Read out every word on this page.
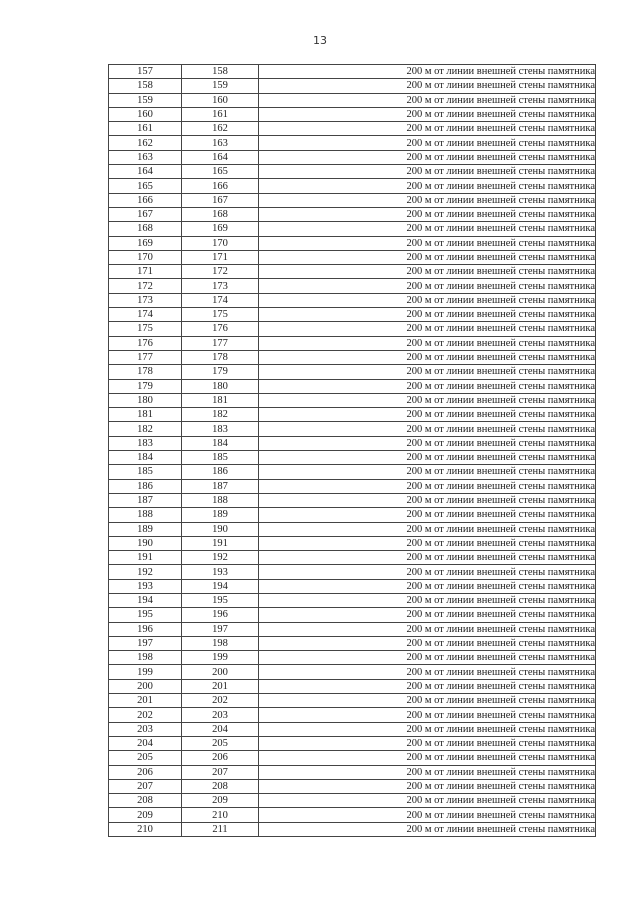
13
157	158	200 м от линии внешней стены памятника
158	159	200 м от линии внешней стены памятника
159	160	200 м от линии внешней стены памятника
160	161	200 м от линии внешней стены памятника
161	162	200 м от линии внешней стены памятника
162	163	200 м от линии внешней стены памятника
163	164	200 м от линии внешней стены памятника
164	165	200 м от линии внешней стены памятника
165	166	200 м от линии внешней стены памятника
166	167	200 м от линии внешней стены памятника
167	168	200 м от линии внешней стены памятника
168	169	200 м от линии внешней стены памятника
169	170	200 м от линии внешней стены памятника
170	171	200 м от линии внешней стены памятника
171	172	200 м от линии внешней стены памятника
172	173	200 м от линии внешней стены памятника
173	174	200 м от линии внешней стены памятника
174	175	200 м от линии внешней стены памятника
175	176	200 м от линии внешней стены памятника
176	177	200 м от линии внешней стены памятника
177	178	200 м от линии внешней стены памятника
178	179	200 м от линии внешней стены памятника
179	180	200 м от линии внешней стены памятника
180	181	200 м от линии внешней стены памятника
181	182	200 м от линии внешней стены памятника
182	183	200 м от линии внешней стены памятника
183	184	200 м от линии внешней стены памятника
184	185	200 м от линии внешней стены памятника
185	186	200 м от линии внешней стены памятника
186	187	200 м от линии внешней стены памятника
187	188	200 м от линии внешней стены памятника
188	189	200 м от линии внешней стены памятника
189	190	200 м от линии внешней стены памятника
190	191	200 м от линии внешней стены памятника
191	192	200 м от линии внешней стены памятника
192	193	200 м от линии внешней стены памятника
193	194	200 м от линии внешней стены памятника
194	195	200 м от линии внешней стены памятника
195	196	200 м от линии внешней стены памятника
196	197	200 м от линии внешней стены памятника
197	198	200 м от линии внешней стены памятника
198	199	200 м от линии внешней стены памятника
199	200	200 м от линии внешней стены памятника
200	201	200 м от линии внешней стены памятника
201	202	200 м от линии внешней стены памятника
202	203	200 м от линии внешней стены памятника
203	204	200 м от линии внешней стены памятника
204	205	200 м от линии внешней стены памятника
205	206	200 м от линии внешней стены памятника
206	207	200 м от линии внешней стены памятника
207	208	200 м от линии внешней стены памятника
208	209	200 м от линии внешней стены памятника
209	210	200 м от линии внешней стены памятника
210	211	200 м от линии внешней стены памятника
